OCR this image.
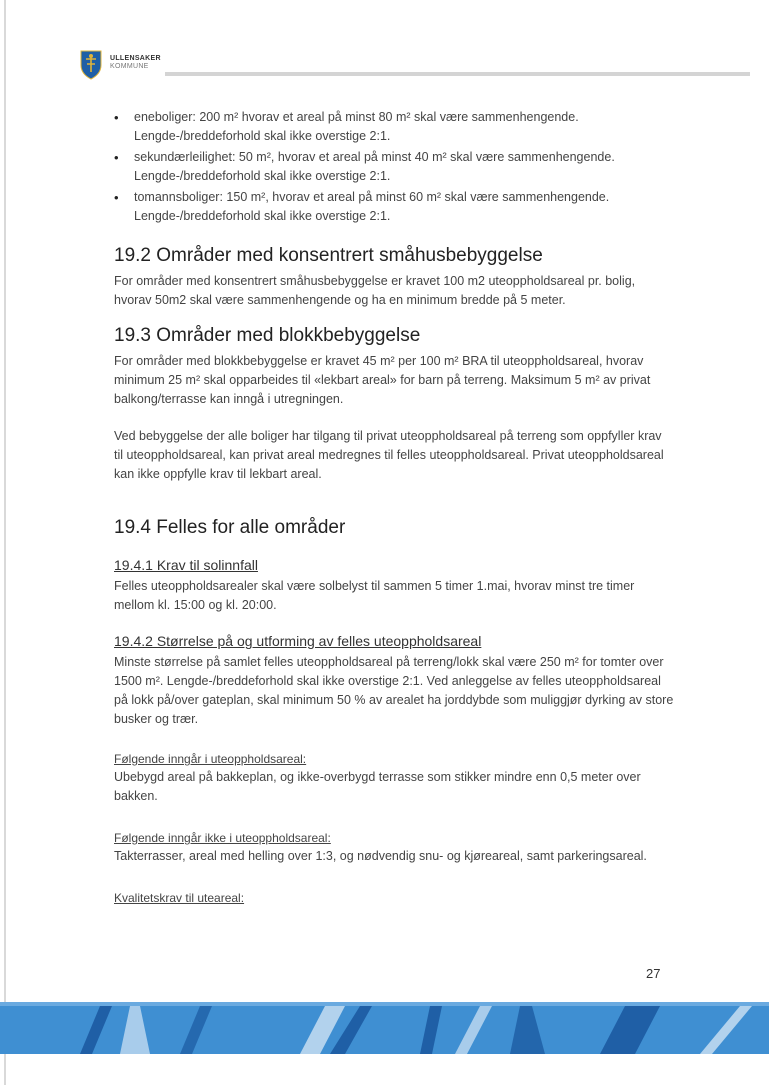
ULLENSAKER
KOMMUNE
• eneboliger: 200 m² hvorav et areal på minst 80 m² skal være sammenhengende. Lengde-/breddeforhold skal ikke overstige 2:1.
• sekundærleilighet: 50 m², hvorav et areal på minst 40 m² skal være sammenhengende. Lengde-/breddeforhold skal ikke overstige 2:1.
• tomannsboliger: 150 m², hvorav et areal på minst 60 m² skal være sammenhengende. Lengde-/breddeforhold skal ikke overstige 2:1.
19.2 Områder med konsentrert småhusbebyggelse

For områder med konsentrert småhusbebyggelse er kravet 100 m2 uteoppholdsareal pr. bolig, hvorav 50m2 skal være sammenhengende og ha en minimum bredde på 5 meter.

19.3 Områder med blokkbebyggelse

For områder med blokkbebyggelse er kravet 45 m² per 100 m² BRA til uteoppholdsareal, hvorav minimum 25 m² skal opparbeides til «lekbart areal» for barn på terreng. Maksimum 5 m² av privat balkong/terrasse kan inngå i utregningen.

Ved bebyggelse der alle boliger har tilgang til privat uteoppholdsareal på terreng som oppfyller krav til uteoppholdsareal, kan privat areal medregnes til felles uteoppholdsareal. Privat uteoppholdsareal kan ikke oppfylle krav til lekbart areal.

19.4 Felles for alle områder
19.4.1 Krav til solinnfall

Felles uteoppholdsarealer skal være solbelyst til sammen 5 timer 1.mai, hvorav minst tre timer mellom kl. 15:00 og kl. 20:00.

19.4.2 Størrelse på og utforming av felles uteoppholdsareal

Minste størrelse på samlet felles uteoppholdsareal på terreng/lokk skal være 250 m² for tomter over 1500 m². Lengde-/breddeforhold skal ikke overstige 2:1. Ved anleggelse av felles uteoppholdsareal på lokk på/over gateplan, skal minimum 50 % av arealet ha jorddybde som muliggjør dyrking av store busker og trær.

Følgende inngår i uteoppholdsareal:

Ubebygd areal på bakkeplan, og ikke-overbygd terrasse som stikker mindre enn 0,5 meter over bakken.

Følgende inngår ikke i uteoppholdsareal:

Takterrasser, areal med helling over 1:3, og nødvendig snu- og kjøreareal, samt parkeringsareal.

Kvalitetskrav til uteareal:
27
